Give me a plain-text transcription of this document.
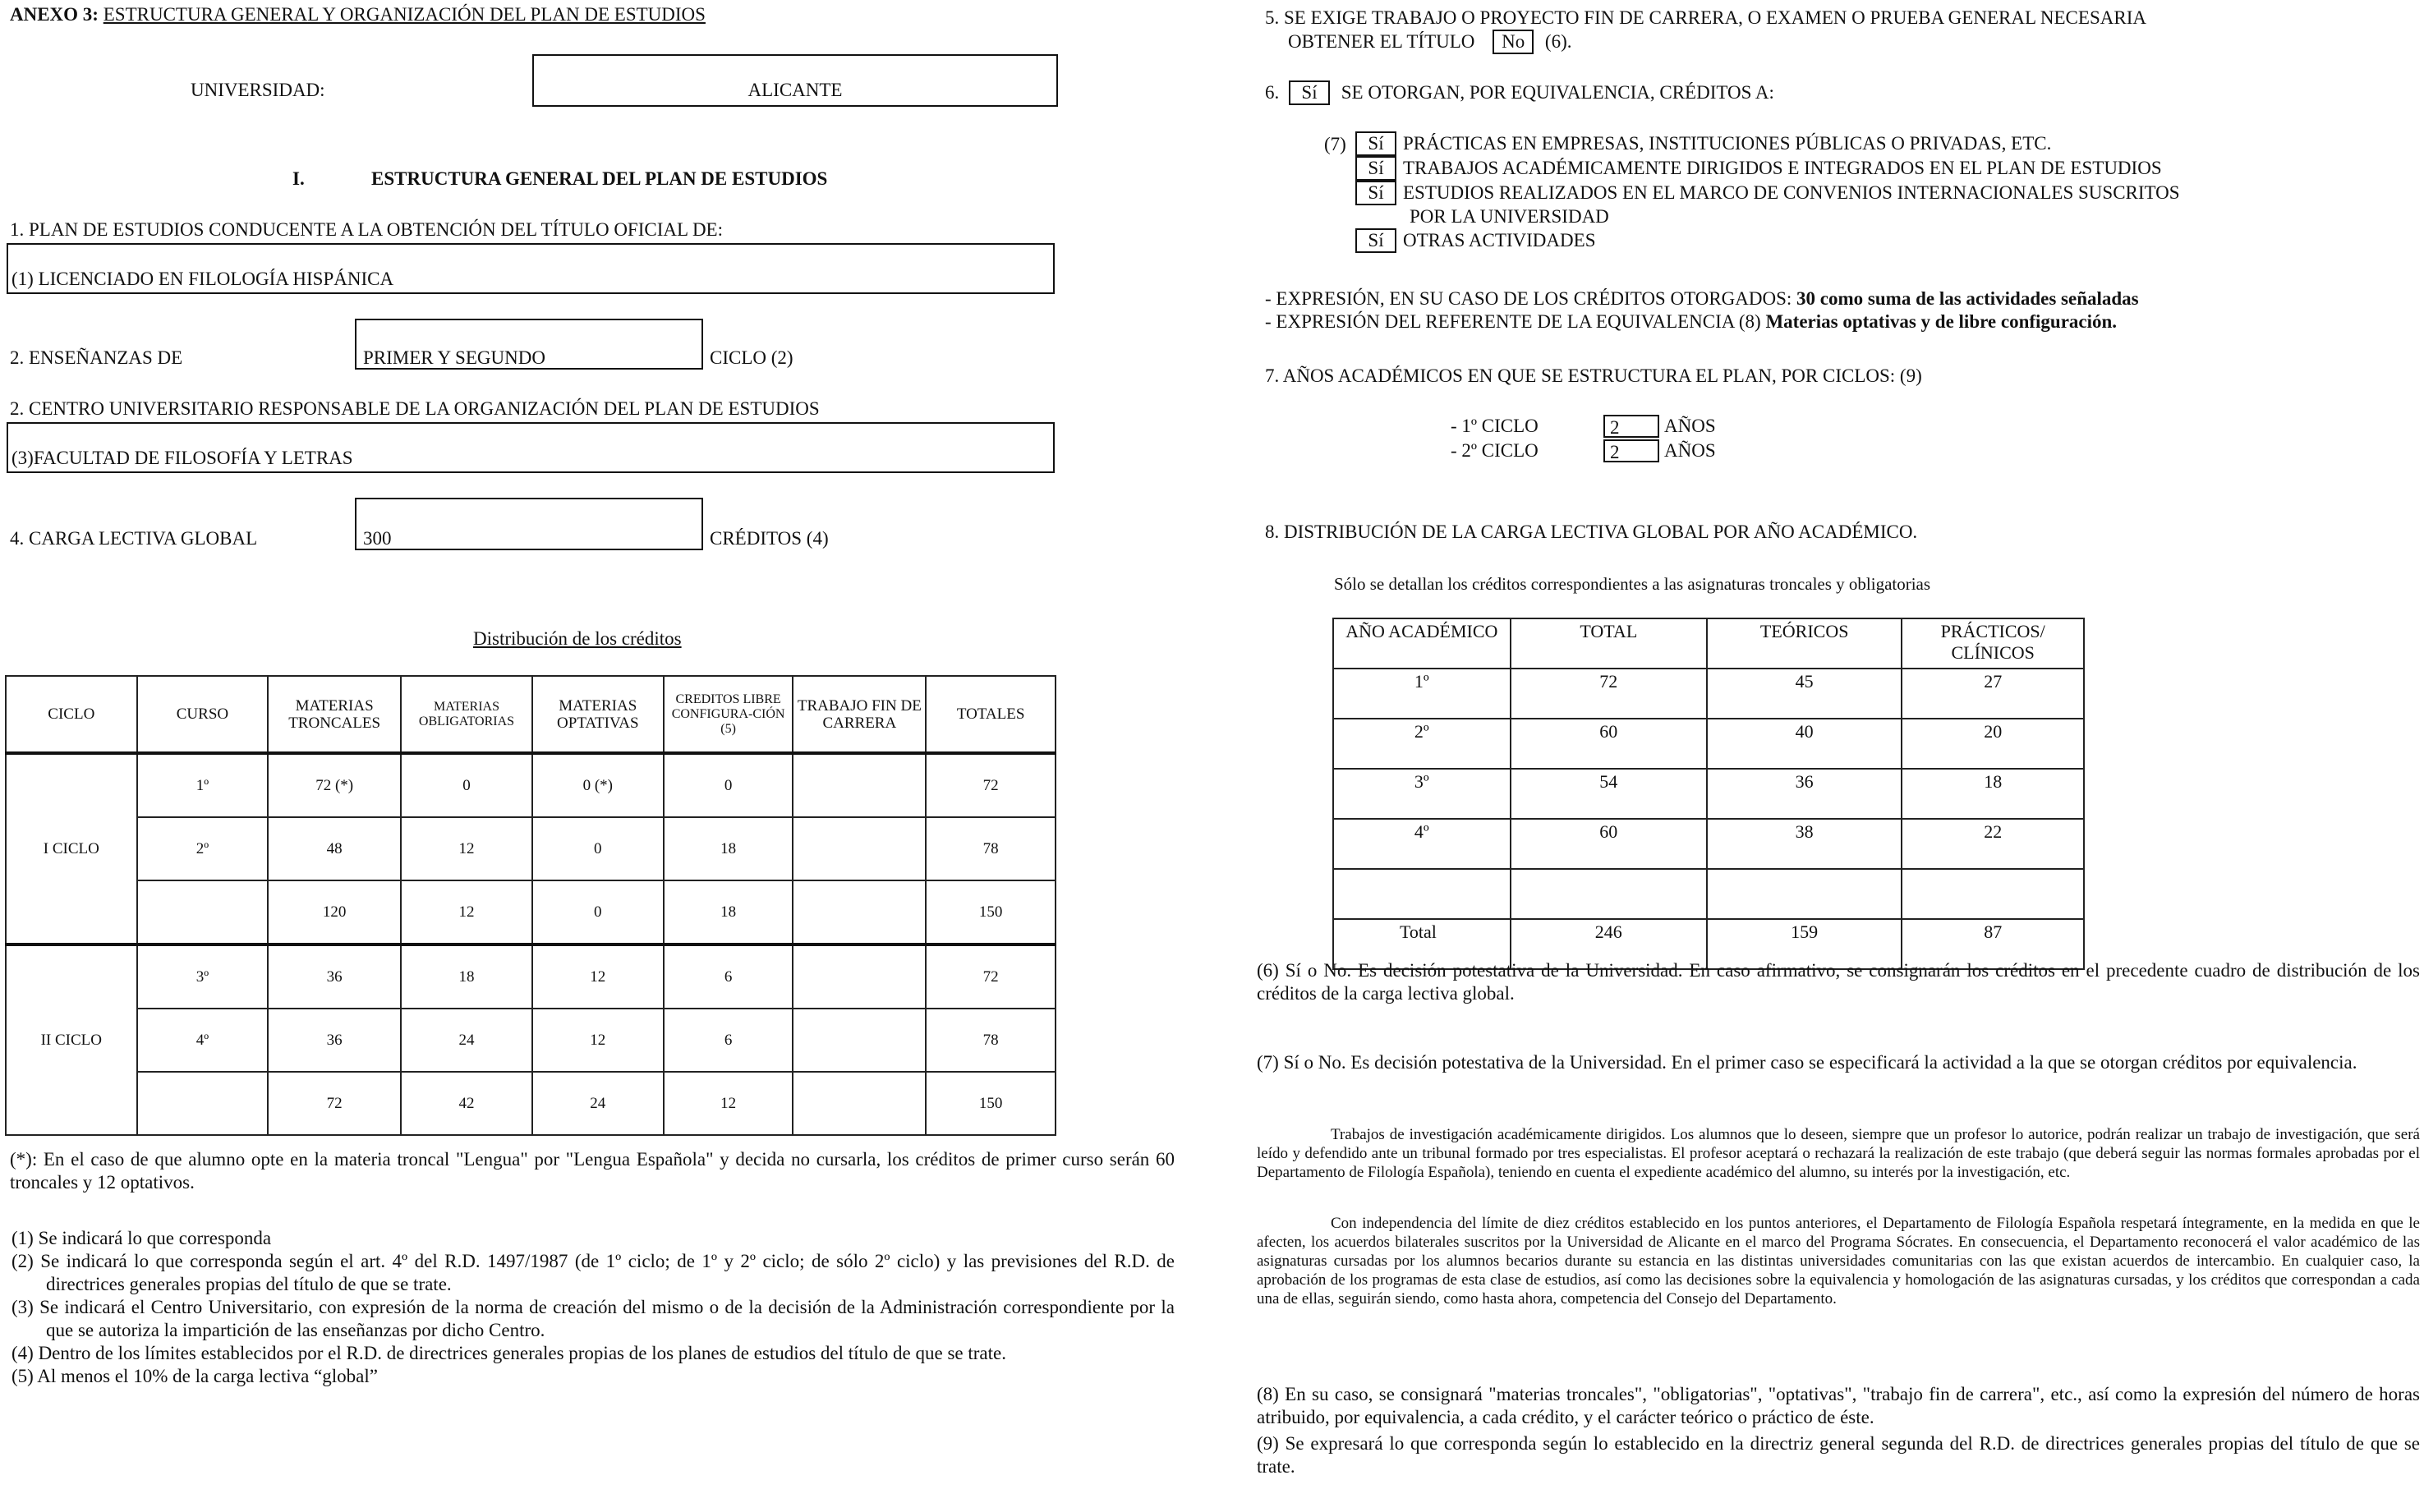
ANEXO 3: ESTRUCTURA GENERAL Y ORGANIZACIÓN DEL PLAN DE ESTUDIOS
UNIVERSIDAD:	ALICANTE
I.	ESTRUCTURA GENERAL DEL PLAN DE ESTUDIOS
1. PLAN DE ESTUDIOS CONDUCENTE A LA OBTENCIÓN DEL TÍTULO OFICIAL DE:
(1) LICENCIADO EN FILOLOGÍA HISPÁNICA
2. ENSEÑANZAS DE	PRIMER Y SEGUNDO	CICLO (2)
2. CENTRO UNIVERSITARIO RESPONSABLE DE LA ORGANIZACIÓN DEL PLAN DE ESTUDIOS
(3)FACULTAD DE FILOSOFÍA Y LETRAS
4. CARGA LECTIVA GLOBAL	300	CRÉDITOS (4)
Distribución de los créditos
CICLO	CURSO	MATERIAS TRONCALES	MATERIAS OBLIGATORIAS	MATERIAS OPTATIVAS	CREDITOS LIBRE CONFIGURA-CIÓN (5)	TRABAJO FIN DE CARRERA	TOTALES
I CICLO	1º	72 (*)	0	0 (*)	0		72
	2º	48	12	0	18		78
		120	12	0	18		150
II CICLO	3º	36	18	12	6		72
	4º	36	24	12	6		78
		72	42	24	12		150
(*): En el caso de que alumno opte en la materia troncal "Lengua" por "Lengua Española" y decida no cursarla, los créditos de primer curso serán 60 troncales y 12 optativos.
(1) Se indicará lo que corresponda
(2) Se indicará lo que corresponda según el art. 4º del R.D. 1497/1987 (de 1º ciclo; de 1º y 2º ciclo; de sólo 2º ciclo) y las previsiones del R.D. de directrices generales propias del título de que se trate.
(3) Se indicará el Centro Universitario, con expresión de la norma de creación del mismo o de la decisión de la Administración correspondiente por la que se autoriza la impartición de las enseñanzas por dicho Centro.
(4) Dentro de los límites establecidos por el R.D. de directrices generales propias de los planes de estudios del título de que se trate.
(5) Al menos el 10% de la carga lectiva “global”
5. SE EXIGE TRABAJO O PROYECTO FIN DE CARRERA, O EXAMEN O PRUEBA GENERAL NECESARIA
OBTENER EL TÍTULO No (6).
6. Sí SE OTORGAN, POR EQUIVALENCIA, CRÉDITOS A:
(7)	Sí PRÁCTICAS EN EMPRESAS, INSTITUCIONES PÚBLICAS O PRIVADAS, ETC.
Sí TRABAJOS ACADÉMICAMENTE DIRIGIDOS E INTEGRADOS EN EL PLAN DE ESTUDIOS
Sí ESTUDIOS REALIZADOS EN EL MARCO DE CONVENIOS INTERNACIONALES SUSCRITOS
POR LA UNIVERSIDAD
Sí OTRAS ACTIVIDADES
- EXPRESIÓN, EN SU CASO DE LOS CRÉDITOS OTORGADOS: 30 como suma de las actividades señaladas
- EXPRESIÓN DEL REFERENTE DE LA EQUIVALENCIA (8) Materias optativas y de libre configuración.
7. AÑOS ACADÉMICOS EN QUE SE ESTRUCTURA EL PLAN, POR CICLOS: (9)
- 1º CICLO	2	AÑOS
- 2º CICLO	2	AÑOS
8. DISTRIBUCIÓN DE LA CARGA LECTIVA GLOBAL POR AÑO ACADÉMICO.
Sólo se detallan los créditos correspondientes a las asignaturas troncales y obligatorias
AÑO ACADÉMICO	TOTAL	TEÓRICOS	PRÁCTICOS/ CLÍNICOS
1º	72	45	27
2º	60	40	20
3º	54	36	18
4º	60	38	22

Total	246	159	87
(6) Sí o No. Es decisión potestativa de la Universidad. En caso afirmativo, se consignarán los créditos en el precedente cuadro de distribución de los créditos de la carga lectiva global.
(7) Sí o No. Es decisión potestativa de la Universidad. En el primer caso se especificará la actividad a la que se otorgan créditos por equivalencia.
Trabajos de investigación académicamente dirigidos. Los alumnos que lo deseen, siempre que un profesor lo autorice, podrán realizar un trabajo de investigación, que será leído y defendido ante un tribunal formado por tres especialistas. El profesor aceptará o rechazará la realización de este trabajo (que deberá seguir las normas formales aprobadas por el Departamento de Filología Española), teniendo en cuenta el expediente académico del alumno, su interés por la investigación, etc.
Con independencia del límite de diez créditos establecido en los puntos anteriores, el Departamento de Filología Española respetará íntegramente, en la medida en que le afecten, los acuerdos bilaterales suscritos por la Universidad de Alicante en el marco del Programa Sócrates. En consecuencia, el Departamento reconocerá el valor académico de las asignaturas cursadas por los alumnos becarios durante su estancia en las distintas universidades comunitarias con las que existan acuerdos de intercambio. En cualquier caso, la aprobación de los programas de esta clase de estudios, así como las decisiones sobre la equivalencia y homologación de las asignaturas cursadas, y los créditos que correspondan a cada una de ellas, seguirán siendo, como hasta ahora, competencia del Consejo del Departamento.
(8) En su caso, se consignará "materias troncales", "obligatorias", "optativas", "trabajo fin de carrera", etc., así como la expresión del número de horas atribuido, por equivalencia, a cada crédito, y el carácter teórico o práctico de éste.
(9) Se expresará lo que corresponda según lo establecido en la directriz general segunda del R.D. de directrices generales propias del título de que se trate.
